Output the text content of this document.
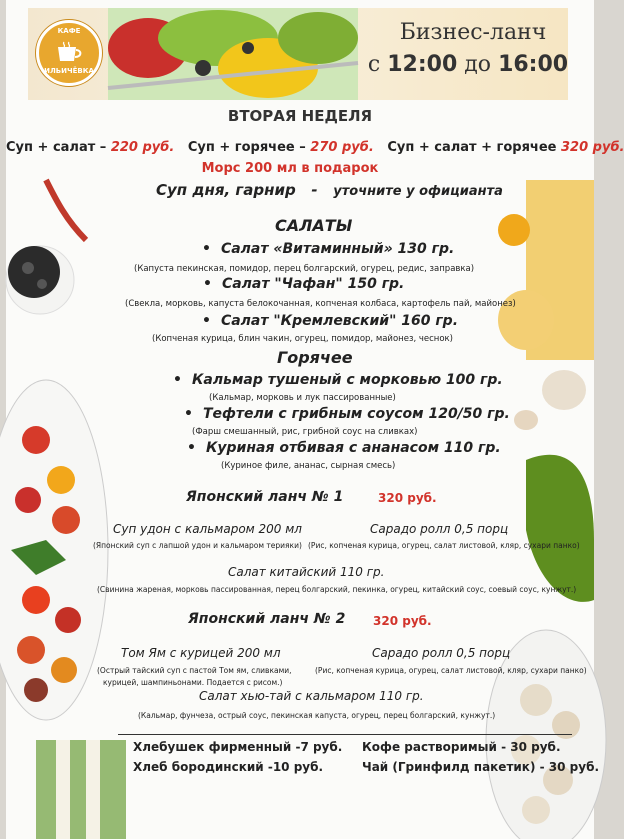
КАФЕ
ИЛЬИЧЁВКА
Бизнес-ланч
с 12:00 до 16:00
ВТОРАЯ НЕДЕЛЯ
Суп + салат – 220 руб. Суп + горячее – 270 руб. Суп + салат + горячее 320 руб.
Морс 200 мл в подарок
Суп дня, гарнир - уточните у официанта
САЛАТЫ
• Салат «Витаминный» 130 гр.
(Капуста пекинская, помидор, перец болгарский, огурец, редис, заправка)
• Салат "Чафан" 150 гр.
(Свекла, морковь, капуста белокочанная, копченая колбаса, картофель пай, майонез)
• Салат "Кремлевский" 160 гр.
(Копченая курица, блин чакин, огурец, помидор, майонез, чеснок)
Горячее
• Кальмар тушеный с морковью 100 гр.
(Кальмар, морковь и лук пассированные)
• Тефтели с грибным соусом 120/50 гр.
(Фарш смешанный, рис, грибной соус на сливках)
• Куриная отбивая с ананасом 110 гр.
(Куриное филе, ананас, сырная смесь)
Японский ланч № 1	320 руб.
Суп удон с кальмаром 200 мл
(Японский суп с лапшой удон и кальмаром терияки)
Сарадо ролл 0,5 порц
(Рис, копченая курица, огурец, салат листовой, кляр, сухари панко)
Салат китайский 110 гр.
(Свинина жареная, морковь пассированная, перец болгарский, пекинка, огурец, китайский соус, соевый соус, кунжут.)
Японский ланч № 2 320 руб.
Том Ям с курицей 200 мл
(Острый тайский суп с пастой Том ям, сливками,
курицей, шампиньонами. Подается с рисом.)
Сарадо ролл 0,5 порц
(Рис, копченая курица, огурец, салат листовой, кляр, сухари панко)
Салат хью-тай с кальмаром 110 гр.
(Кальмар, фунчеза, острый соус, пекинская капуста, огурец, перец болгарский, кунжут.)
Хлебушек фирменный -7 руб. Кофе растворимый - 30 руб.
Хлеб бородинский -10 руб.	Чай (Гринфилд пакетик) - 30 руб.
